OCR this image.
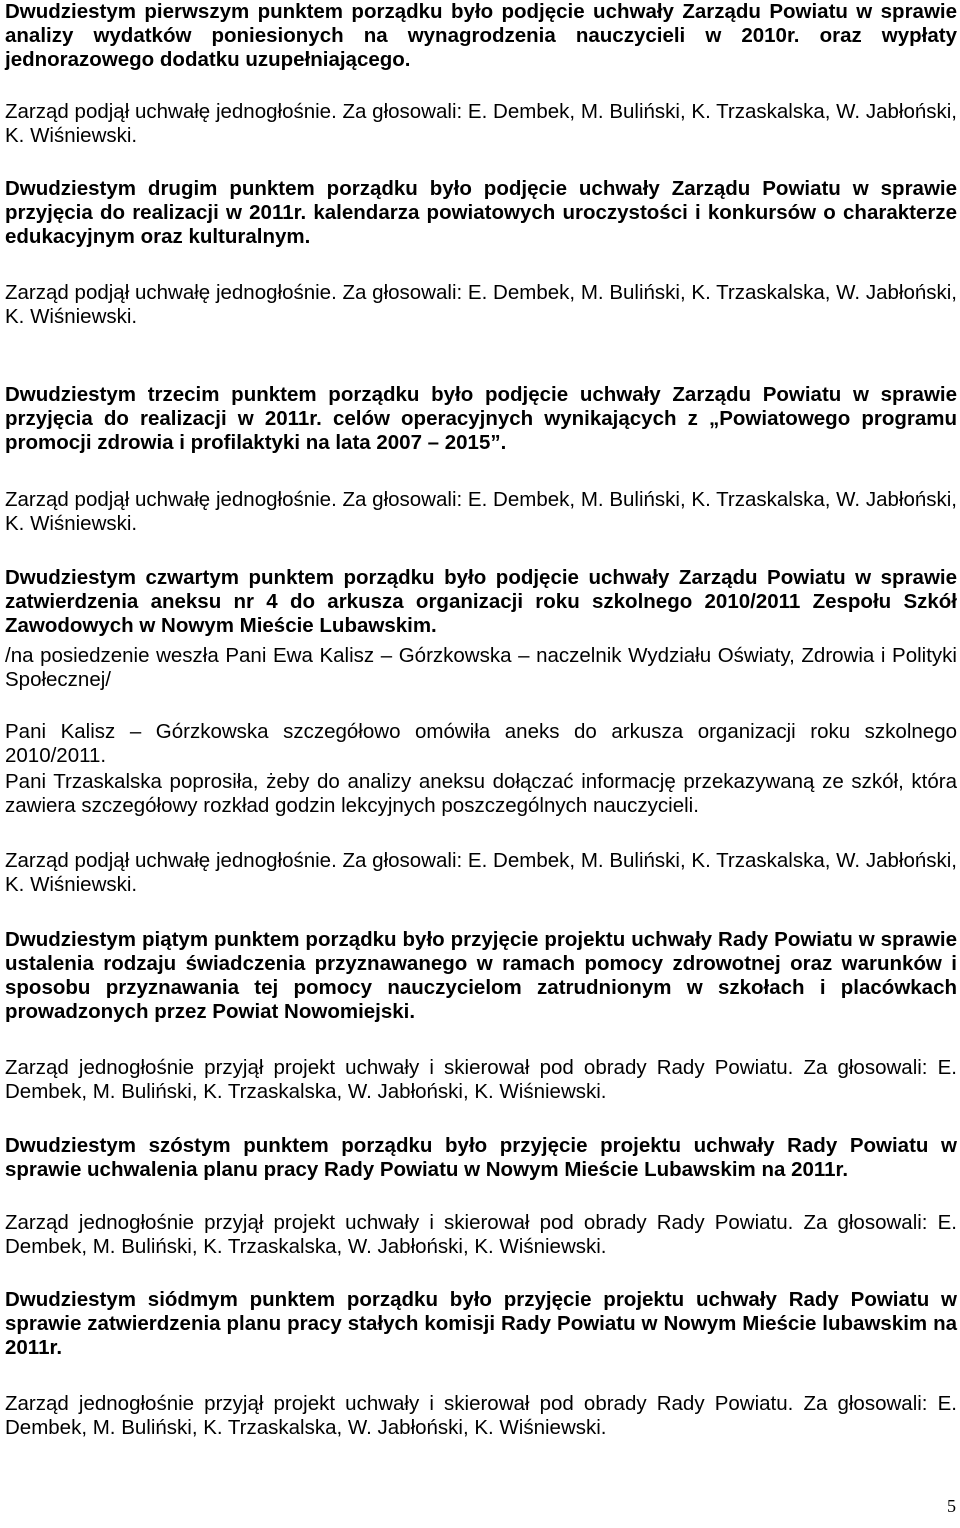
Dwudziestym pierwszym punktem porządku było podjęcie uchwały Zarządu Powiatu w sprawie analizy wydatków poniesionych na wynagrodzenia nauczycieli w 2010r. oraz wypłaty jednorazowego dodatku uzupełniającego.

Zarząd podjął uchwałę jednogłośnie. Za głosowali: E. Dembek, M. Buliński, K. Trzaskalska, W. Jabłoński, K. Wiśniewski.

Dwudziestym drugim punktem porządku było podjęcie uchwały Zarządu Powiatu w sprawie przyjęcia do realizacji w 2011r. kalendarza powiatowych uroczystości i konkursów o charakterze edukacyjnym oraz kulturalnym.

Zarząd podjął uchwałę jednogłośnie. Za głosowali: E. Dembek, M. Buliński, K. Trzaskalska, W. Jabłoński, K. Wiśniewski.

Dwudziestym trzecim punktem porządku było podjęcie uchwały Zarządu Powiatu w sprawie przyjęcia do realizacji w 2011r. celów operacyjnych wynikających z „Powiatowego programu promocji zdrowia i profilaktyki na lata 2007 – 2015”.

Zarząd podjął uchwałę jednogłośnie. Za głosowali: E. Dembek, M. Buliński, K. Trzaskalska, W. Jabłoński, K. Wiśniewski.

Dwudziestym czwartym punktem porządku było podjęcie uchwały Zarządu Powiatu w sprawie zatwierdzenia aneksu nr 4 do arkusza organizacji roku szkolnego 2010/2011 Zespołu Szkół Zawodowych w Nowym Mieście Lubawskim.

/na posiedzenie weszła Pani Ewa Kalisz – Górzkowska – naczelnik Wydziału Oświaty, Zdrowia i Polityki Społecznej/

Pani Kalisz – Górzkowska szczegółowo omówiła aneks do arkusza organizacji roku szkolnego 2010/2011.

Pani Trzaskalska poprosiła, żeby do analizy aneksu dołączać informację przekazywaną ze szkół, która zawiera szczegółowy rozkład godzin lekcyjnych poszczególnych nauczycieli.

Zarząd podjął uchwałę jednogłośnie. Za głosowali: E. Dembek, M. Buliński, K. Trzaskalska, W. Jabłoński, K. Wiśniewski.

Dwudziestym piątym punktem porządku było przyjęcie projektu uchwały Rady Powiatu w sprawie ustalenia rodzaju świadczenia przyznawanego w ramach pomocy zdrowotnej oraz warunków i sposobu przyznawania tej pomocy nauczycielom zatrudnionym w szkołach i placówkach prowadzonych przez Powiat Nowomiejski.

Zarząd jednogłośnie przyjął projekt uchwały i skierował pod obrady Rady Powiatu. Za głosowali: E. Dembek, M. Buliński, K. Trzaskalska, W. Jabłoński, K. Wiśniewski.

Dwudziestym szóstym punktem porządku było przyjęcie projektu uchwały Rady Powiatu w sprawie uchwalenia planu pracy Rady Powiatu w Nowym Mieście Lubawskim na 2011r.

Zarząd jednogłośnie przyjął projekt uchwały i skierował pod obrady Rady Powiatu. Za głosowali: E. Dembek, M. Buliński, K. Trzaskalska, W. Jabłoński, K. Wiśniewski.

Dwudziestym siódmym punktem porządku było przyjęcie projektu uchwały Rady Powiatu w sprawie zatwierdzenia planu pracy stałych komisji Rady Powiatu w Nowym Mieście lubawskim na 2011r.

Zarząd jednogłośnie przyjął projekt uchwały i skierował pod obrady Rady Powiatu. Za głosowali: E. Dembek, M. Buliński, K. Trzaskalska, W. Jabłoński, K. Wiśniewski.

5
